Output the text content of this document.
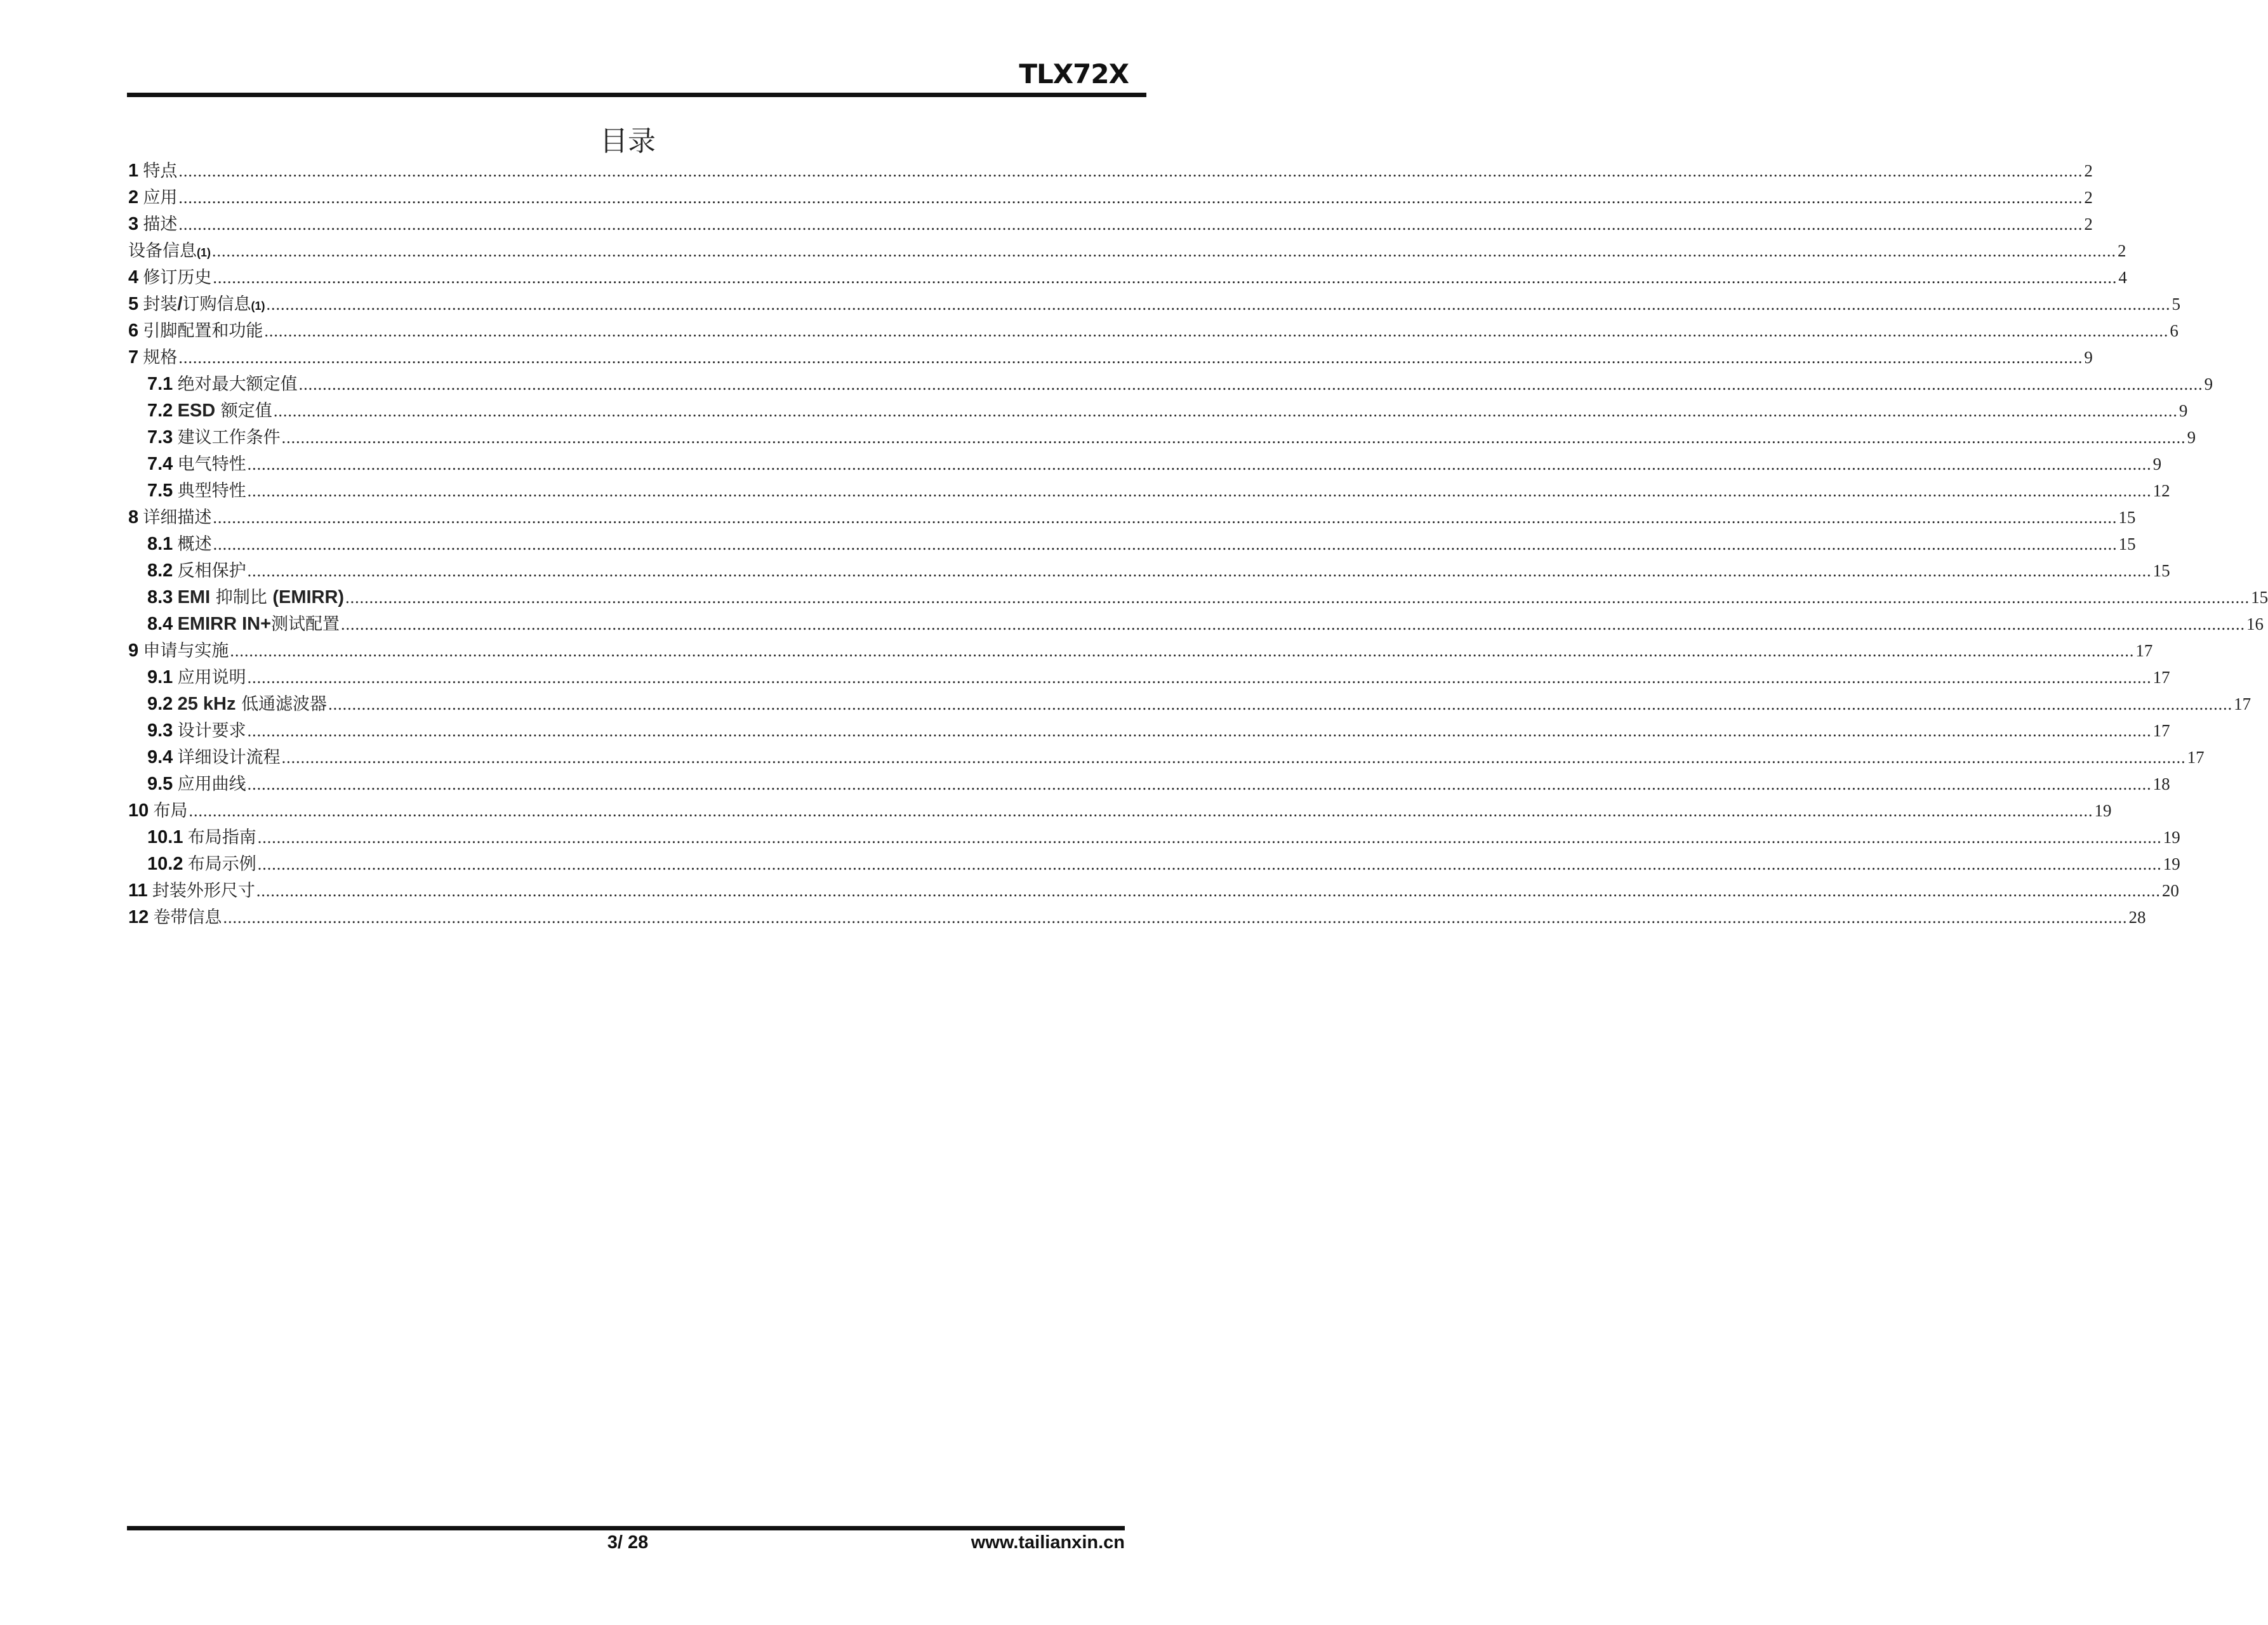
TLX72X
目录
1
特点 ................................................................................................................................................................................................................................................................................................................................................................................................................ 2
2
应用 ................................................................................................................................................................................................................................................................................................................................................................................................................ 2
3
描述 ................................................................................................................................................................................................................................................................................................................................................................................................................ 2
设备信息 (1) ................................................................................................................................................................................................................................................................................................................................................................................................................ 2
4
修订历史 ................................................................................................................................................................................................................................................................................................................................................................................................................ 4
5
封装/订购信息 (1) ................................................................................................................................................................................................................................................................................................................................................................................................................ 5
6
引脚配置和功能 ................................................................................................................................................................................................................................................................................................................................................................................................................ 6
7
规格 ................................................................................................................................................................................................................................................................................................................................................................................................................ 9
7.1
绝对最大额定值 ................................................................................................................................................................................................................................................................................................................................................................................................................ 9
7.2
ESD 额定值 ................................................................................................................................................................................................................................................................................................................................................................................................................ 9
7.3
建议工作条件 ................................................................................................................................................................................................................................................................................................................................................................................................................ 9
7.4
电气特性 ................................................................................................................................................................................................................................................................................................................................................................................................................ 9
7.5
典型特性 ................................................................................................................................................................................................................................................................................................................................................................................................................ 12
8
详细描述 ................................................................................................................................................................................................................................................................................................................................................................................................................ 15
8.1
概述 ................................................................................................................................................................................................................................................................................................................................................................................................................ 15
8.2
反相保护 ................................................................................................................................................................................................................................................................................................................................................................................................................ 15
8.3
EMI 抑制比 (EMIRR) ................................................................................................................................................................................................................................................................................................................................................................................................................ 15
8.4
EMIRR IN+测试配置 ................................................................................................................................................................................................................................................................................................................................................................................................................ 16
9
申请与实施 ................................................................................................................................................................................................................................................................................................................................................................................................................ 17
9.1
应用说明 ................................................................................................................................................................................................................................................................................................................................................................................................................ 17
9.2
25 kHz 低通滤波器 ................................................................................................................................................................................................................................................................................................................................................................................................................ 17
9.3
设计要求 ................................................................................................................................................................................................................................................................................................................................................................................................................ 17
9.4
详细设计流程 ................................................................................................................................................................................................................................................................................................................................................................................................................ 17
9.5
应用曲线 ................................................................................................................................................................................................................................................................................................................................................................................................................ 18
10
布局 ................................................................................................................................................................................................................................................................................................................................................................................................................ 19
10.1
布局指南 ................................................................................................................................................................................................................................................................................................................................................................................................................ 19
10.2
布局示例 ................................................................................................................................................................................................................................................................................................................................................................................................................ 19
11
封装外形尺寸 ................................................................................................................................................................................................................................................................................................................................................................................................................ 20
12
卷带信息 ................................................................................................................................................................................................................................................................................................................................................................................................................ 28
3/ 28	www.tailianxin.cn
